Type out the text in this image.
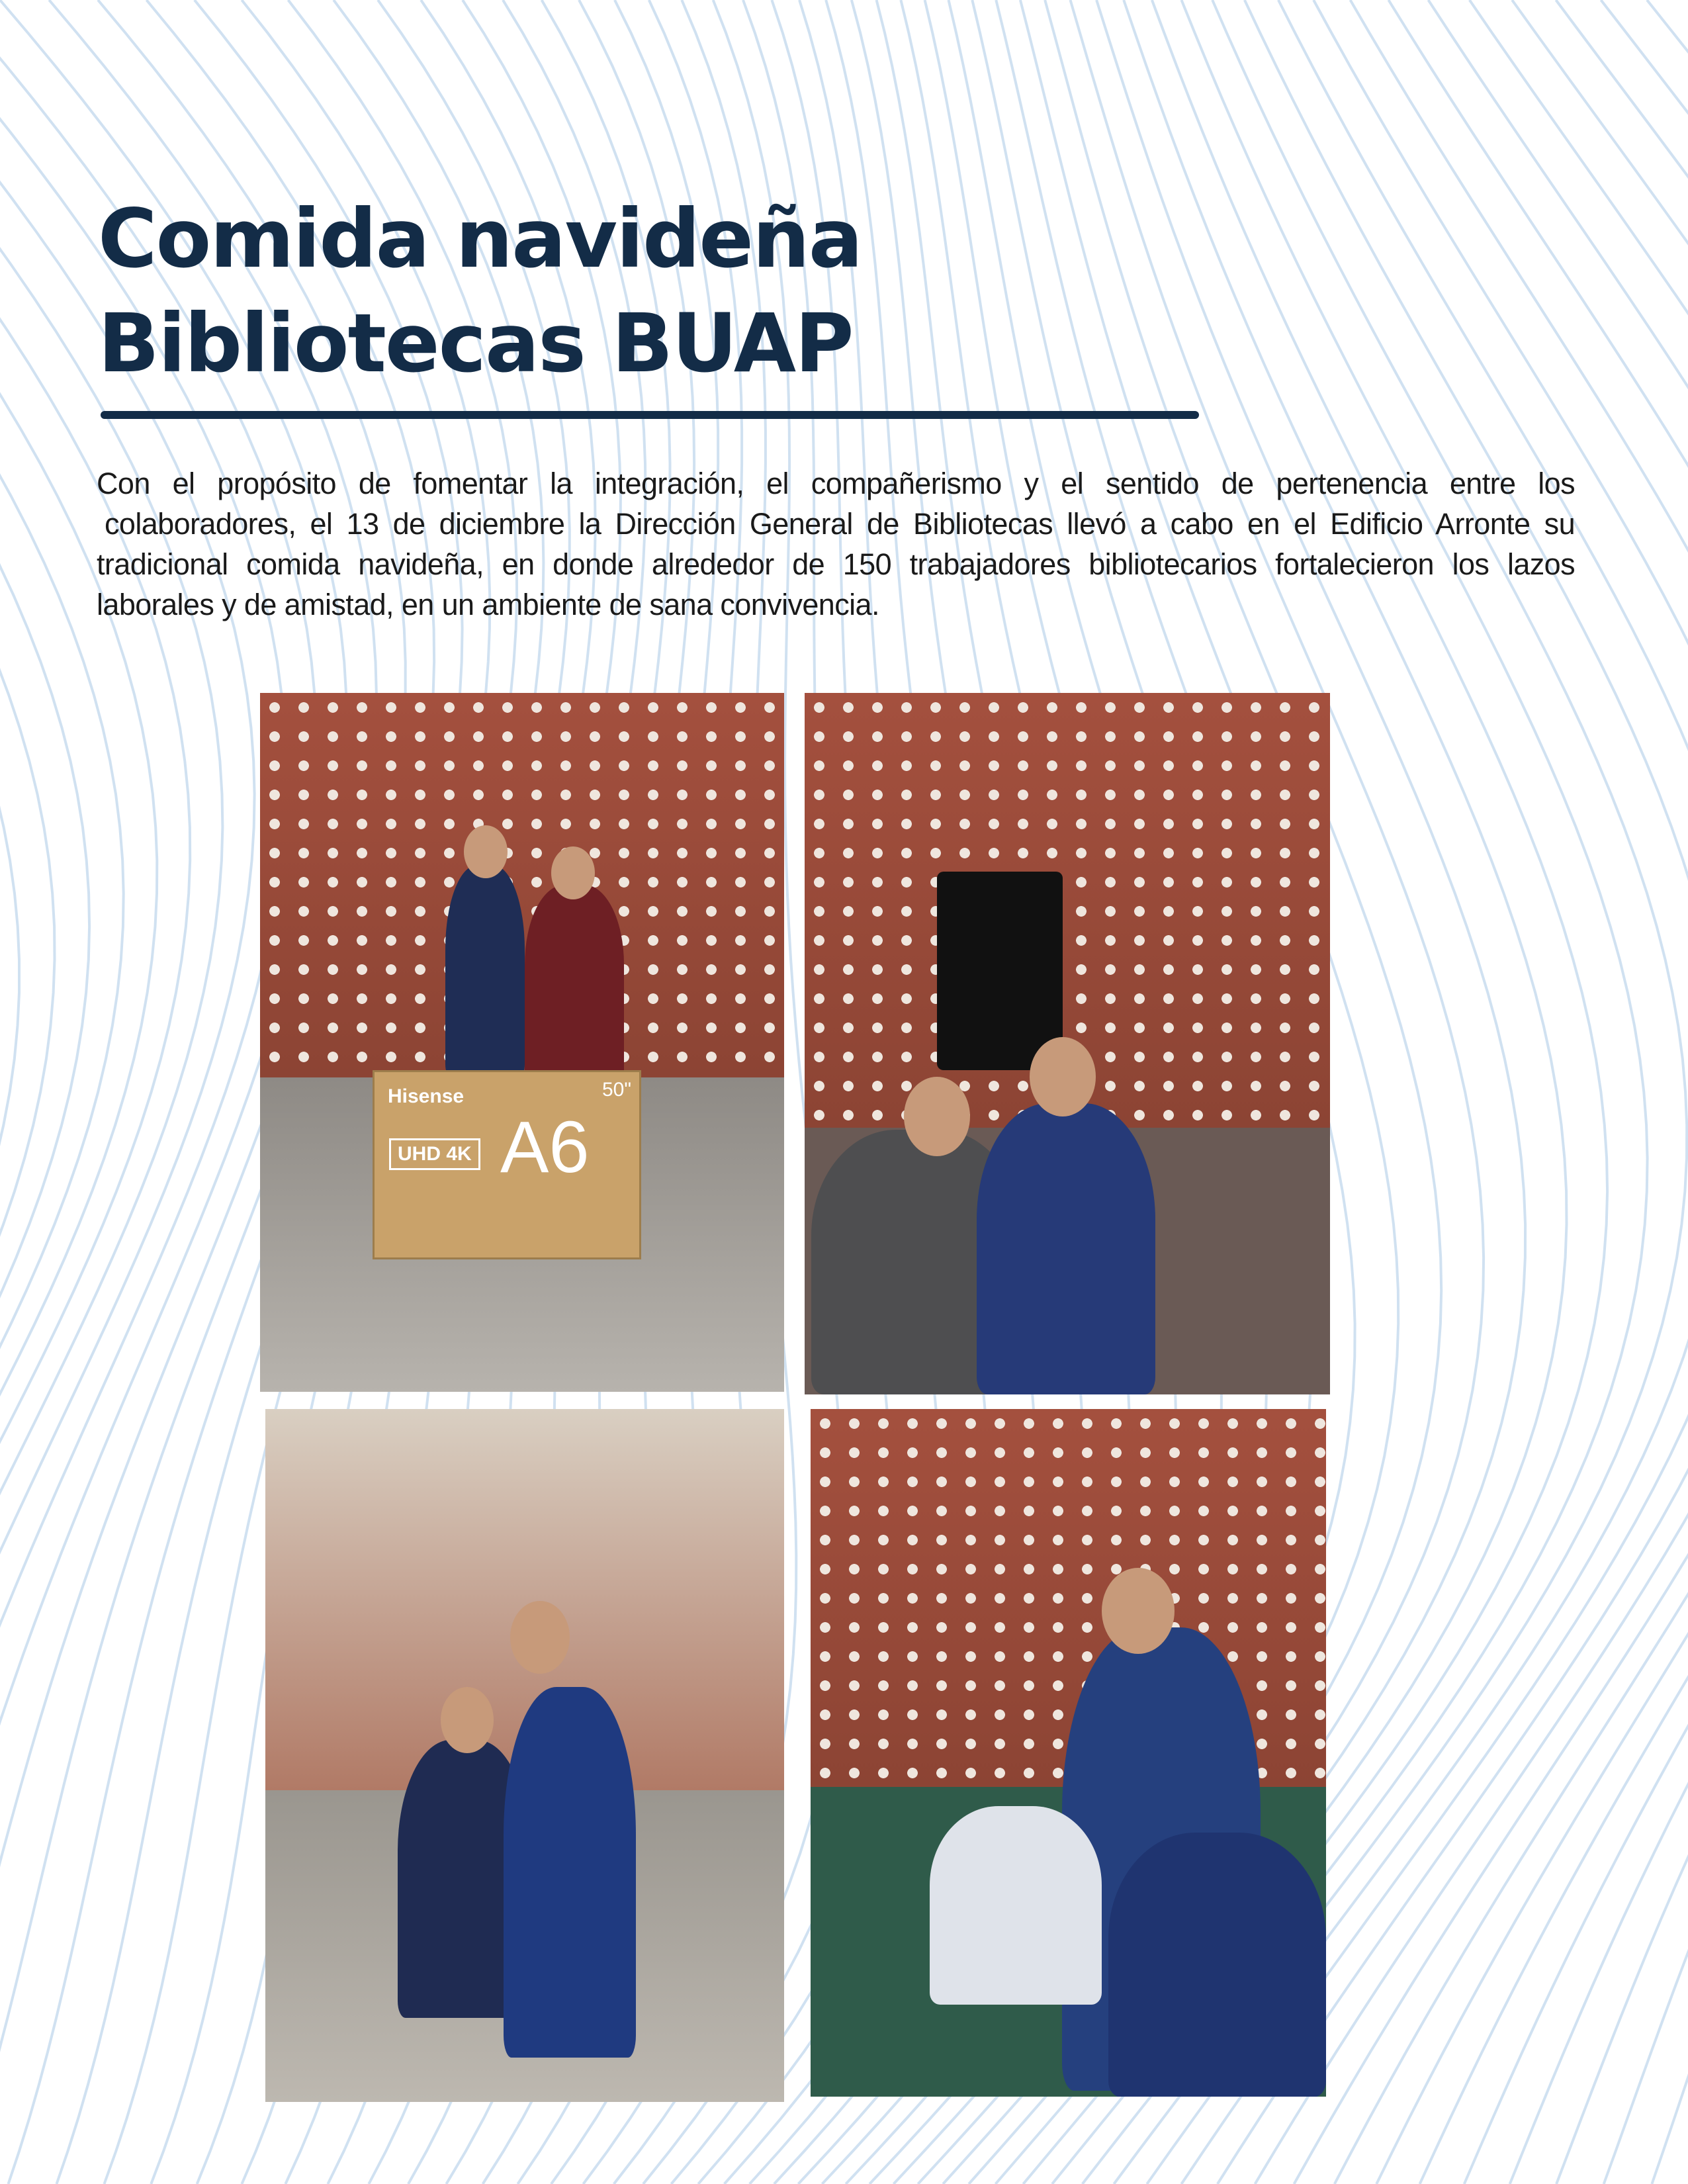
Comida navideña
Bibliotecas BUAP
Con el propósito de fomentar la integración, el compañerismo y el sentido de pertenencia entre los
colaboradores, el 13 de diciembre la Dirección General de Bibliotecas llevó a cabo en el Edificio Arronte su
tradicional comida navideña, en donde alrededor de 150 trabajadores bibliotecarios fortalecieron los lazos
laborales y de amistad, en un ambiente de sana convivencia.
Hisense
UHD 4K A6
50"
